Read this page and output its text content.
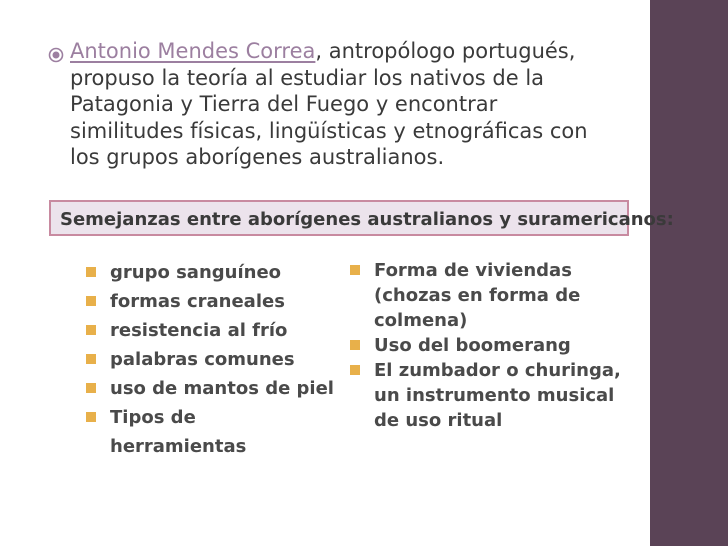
Antonio Mendes Correa, antropólogo portugués, propuso la teoría al estudiar los nativos de la Patagonia y Tierra del Fuego y encontrar similitudes físicas, lingüísticas y etnográficas con los grupos aborígenes australianos.
Semejanzas entre aborígenes australianos y suramericanos:
grupo sanguíneo
formas craneales
resistencia al frío
palabras comunes
uso de mantos de piel
Tipos de herramientas
Forma de viviendas (chozas en forma de colmena)
Uso del boomerang
El zumbador o churinga, un instrumento musical de uso ritual
